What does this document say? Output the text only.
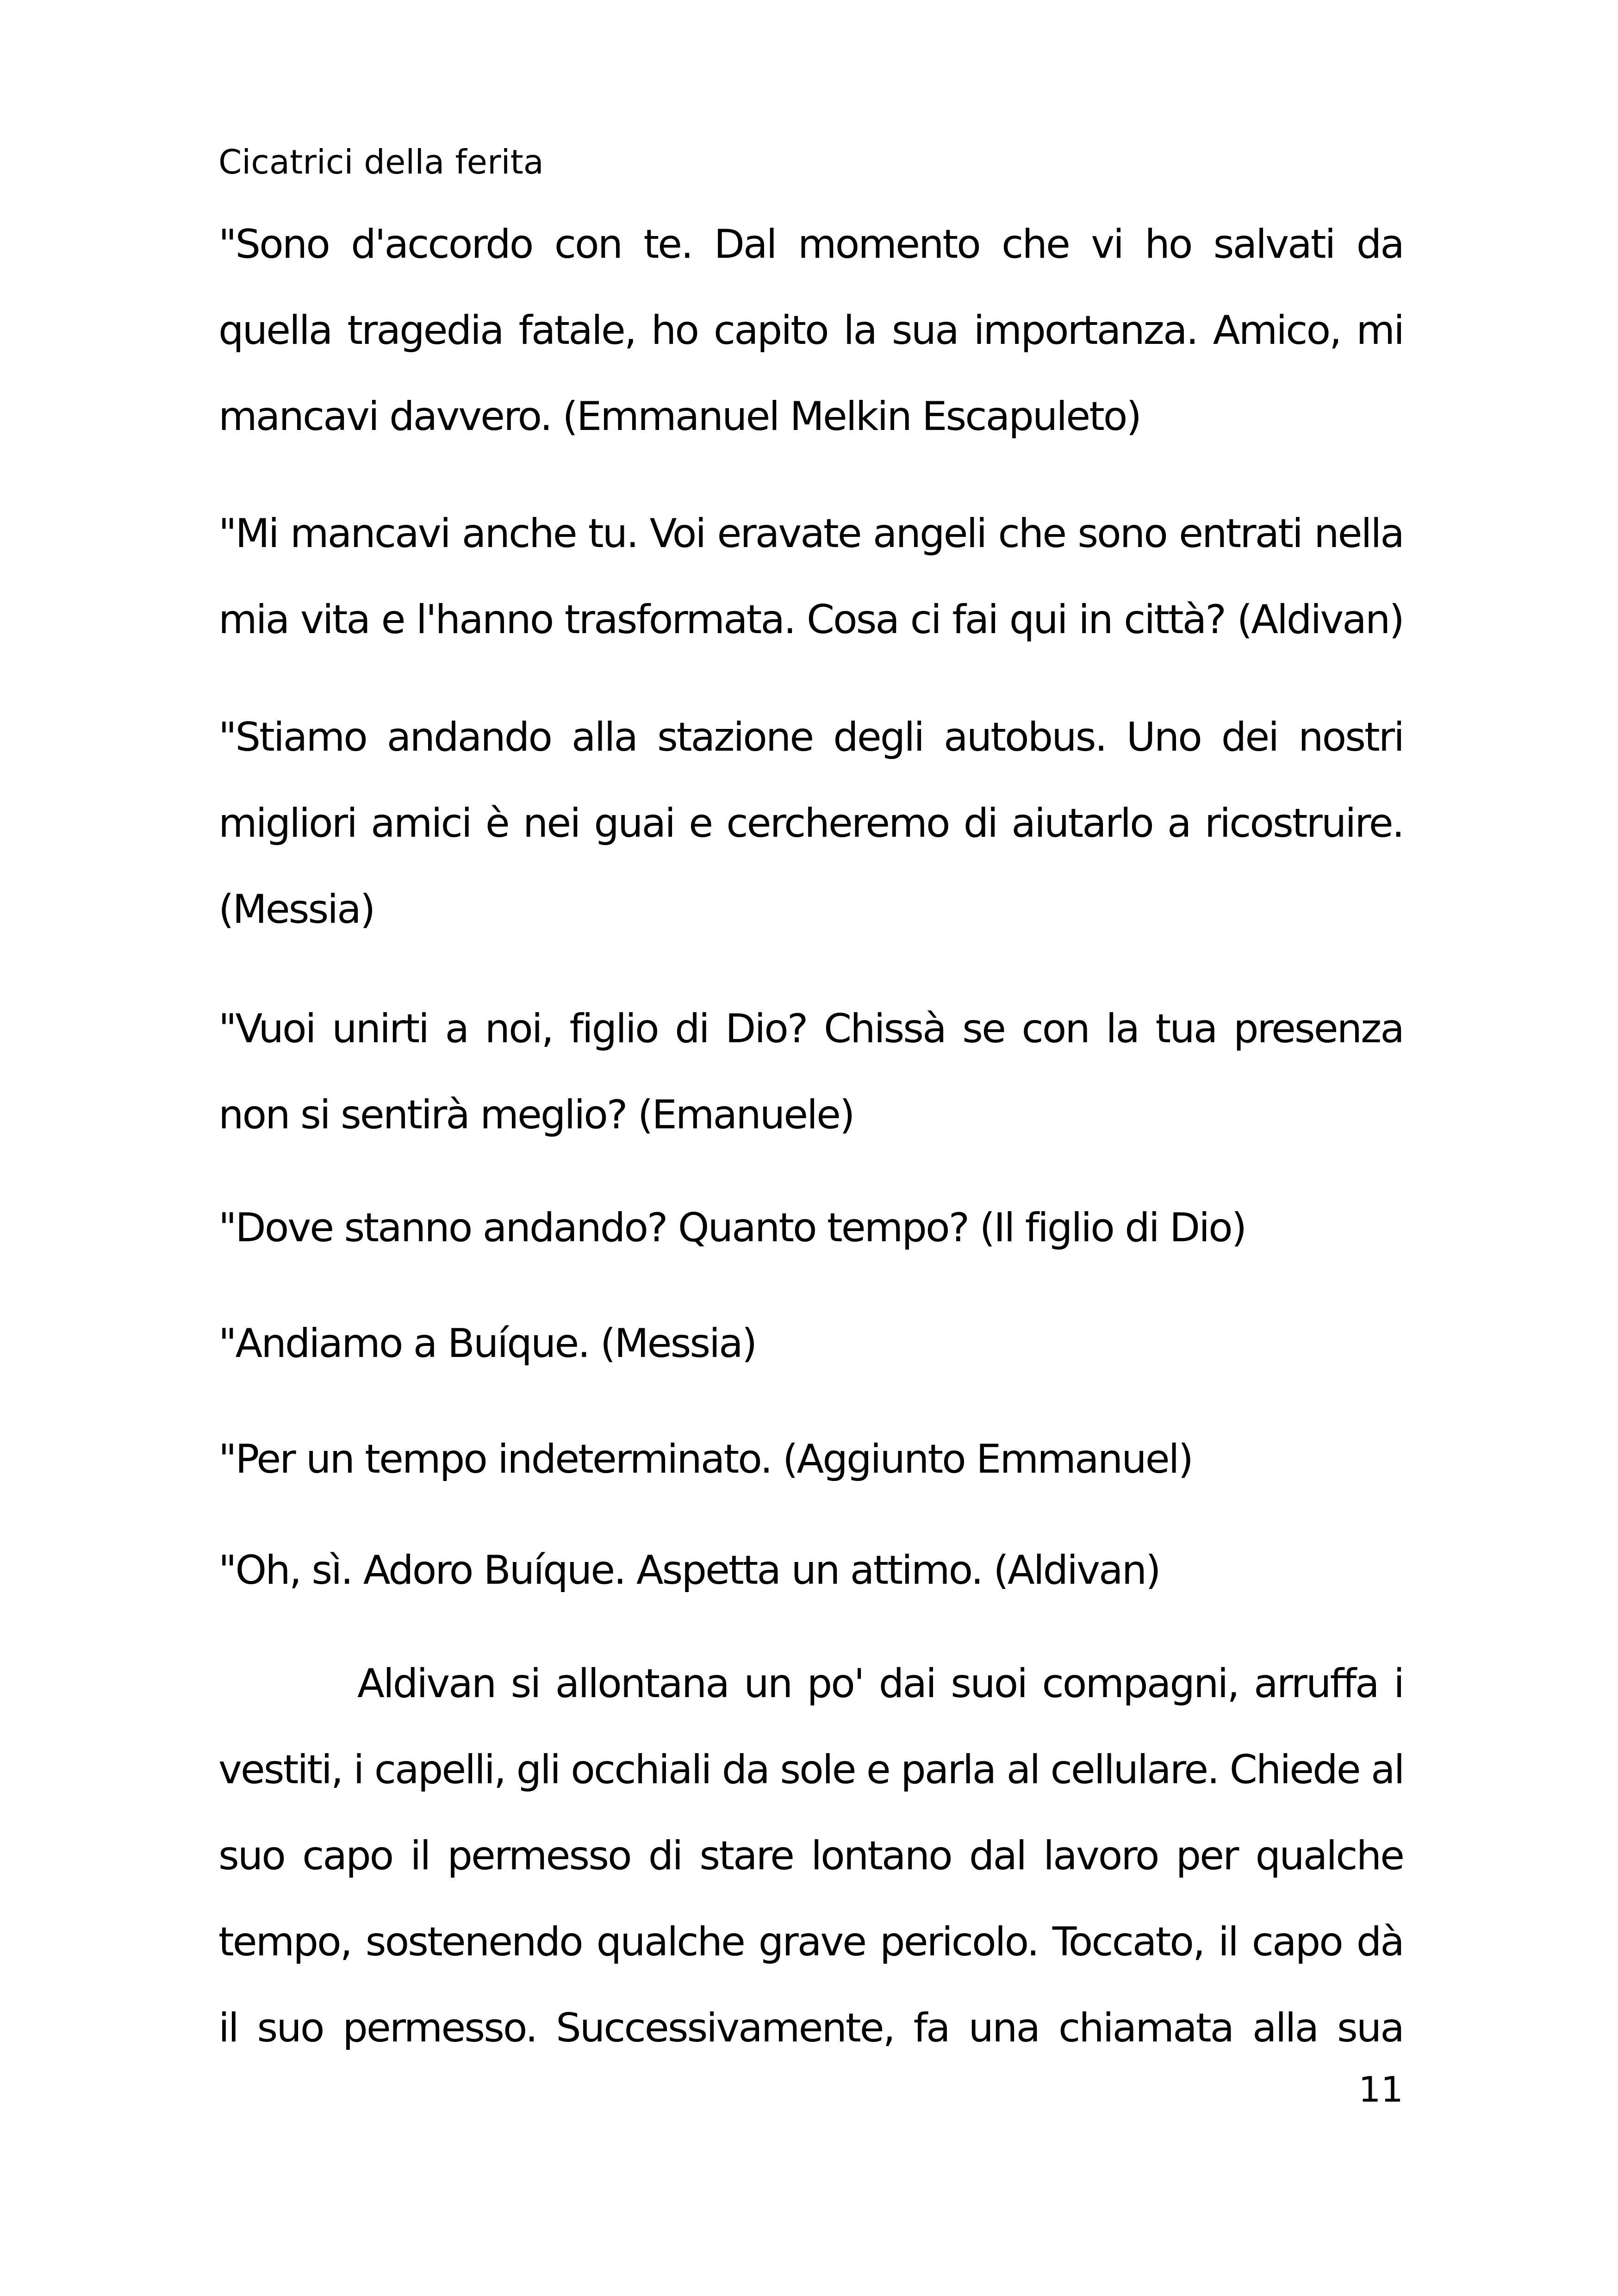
Cicatrici della ferita
"Sono d'accordo con te. Dal momento che vi ho salvati da
quella tragedia fatale, ho capito la sua importanza. Amico, mi
mancavi davvero. (Emmanuel Melkin Escapuleto)
"Mi mancavi anche tu. Voi eravate angeli che sono entrati nella
mia vita e l'hanno trasformata. Cosa ci fai qui in città? (Aldivan)
"Stiamo andando alla stazione degli autobus. Uno dei nostri
migliori amici è nei guai e cercheremo di aiutarlo a ricostruire.
(Messia)
"Vuoi unirti a noi, figlio di Dio? Chissà se con la tua presenza
non si sentirà meglio? (Emanuele)
"Dove stanno andando? Quanto tempo? (Il figlio di Dio)
"Andiamo a Buíque. (Messia)
"Per un tempo indeterminato. (Aggiunto Emmanuel)
"Oh, sì. Adoro Buíque. Aspetta un attimo. (Aldivan)
Aldivan si allontana un po' dai suoi compagni, arruffa i
vestiti, i capelli, gli occhiali da sole e parla al cellulare. Chiede al
suo capo il permesso di stare lontano dal lavoro per qualche
tempo, sostenendo qualche grave pericolo. Toccato, il capo dà
il suo permesso. Successivamente, fa una chiamata alla sua
11
